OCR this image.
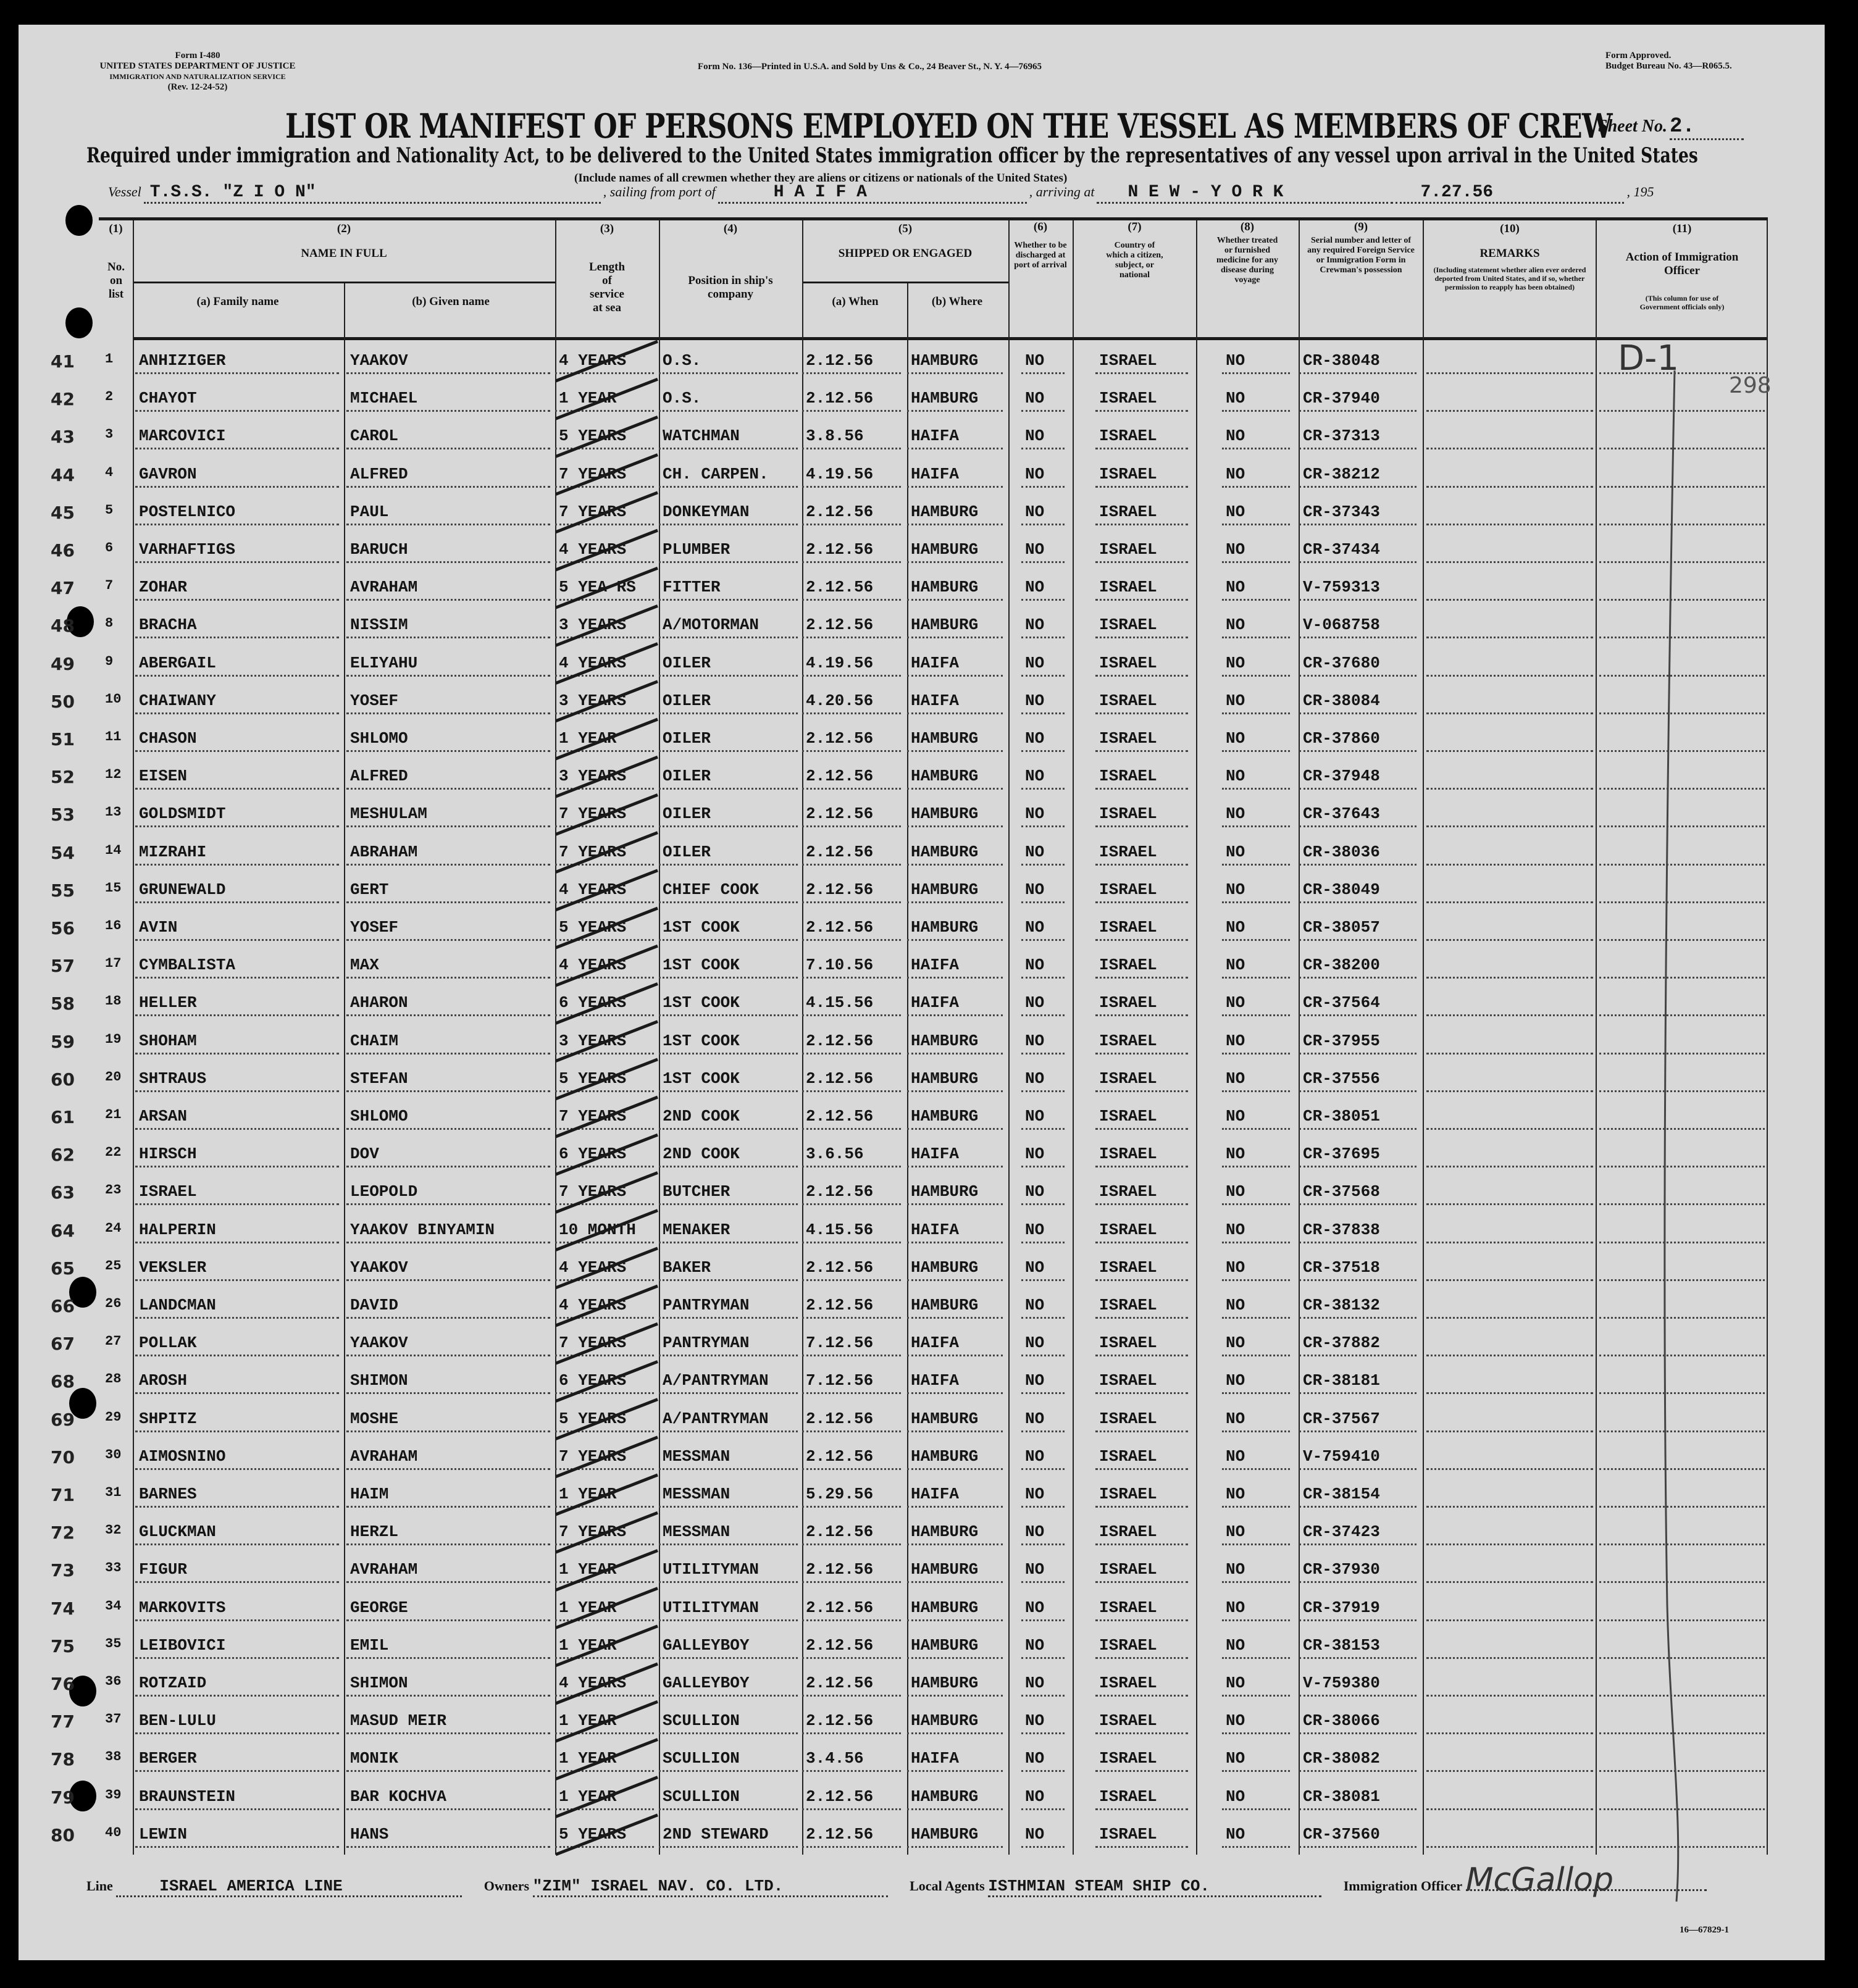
Form I-480
UNITED STATES DEPARTMENT OF JUSTICE
IMMIGRATION AND NATURALIZATION SERVICE
(Rev. 12-24-52)
Form No. 136—Printed in U.S.A. and Sold by Uns & Co., 24 Beaver St., N. Y. 4—76965
Form Approved.
Budget Bureau No. 43—R065.5.
LIST OR MANIFEST OF PERSONS EMPLOYED ON THE VESSEL AS MEMBERS OF CREW
Sheet No. 2.
Required under immigration and Nationality Act, to be delivered to the United States immigration officer by the representatives of any vessel upon arrival in the United States
(Include names of all crewmen whether they are aliens or citizens or nationals of the United States)
Vessel T.S.S. "Z I O N"	, sailing from port of	H A I F A	, arriving at N E W - Y O R K	7.27.56	, 195
(1)
No. on list
(2)
NAME IN FULL
(a) Family name	(b) Given name
(3)
Length of service at sea
(4)
Position in ship's company
(5)
SHIPPED OR ENGAGED
(a) When	(b) Where
(6)
Whether to be discharged at port of arrival
(7)
Country of which a citizen, subject, or national
(8)
Whether treated or furnished medicine for any disease during voyage
(9)
Serial number and letter of any required Foreign Service or Immigration Form in Crewman's possession
(10)
REMARKS
(Including statement whether alien ever ordered deported from United States, and if so, whether permission to reapply has been obtained)
(11)
Action of Immigration Officer
(This column for use of Government officials only)
41 1 ANHIZIGER	YAAKOV	4 YEARS O.S.	2.12.56 HAMBURG	NO	ISRAEL	NO	CR-38048
42 2 CHAYOT	MICHAEL	1 YEAR	O.S.	2.12.56 HAMBURG	NO	ISRAEL	NO	CR-37940
43 3 MARCOVICI	CAROL	5 YEARS WATCHMAN	3.8.56	HAIFA	NO	ISRAEL	NO	CR-37313
44 4 GAVRON	ALFRED	7 YEARS CH. CARPEN. 4.19.56 HAIFA	NO	ISRAEL	NO	CR-38212
45 5 POSTELNICO	PAUL	7 YEARS DONKEYMAN	2.12.56 HAMBURG	NO	ISRAEL	NO	CR-37343
46 6 VARHAFTIGS	BARUCH	4 YEARS PLUMBER	2.12.56 HAMBURG	NO	ISRAEL	NO	CR-37434
47 7 ZOHAR	AVRAHAM	5 YEA RS FITTER	2.12.56 HAMBURG	NO	ISRAEL	NO	V-759313
48 8 BRACHA	NISSIM	3 YEARS A/MOTORMAN	2.12.56 HAMBURG	NO	ISRAEL	NO	V-068758
49 9 ABERGAIL	ELIYAHU	4 YEARS OILER	4.19.56 HAIFA	NO	ISRAEL	NO	CR-37680
50 10 CHAIWANY	YOSEF	3 YEARS OILER	4.20.56 HAIFA	NO	ISRAEL	NO	CR-38084
51 11 CHASON	SHLOMO	1 YEAR	OILER	2.12.56 HAMBURG	NO	ISRAEL	NO	CR-37860
52 12 EISEN	ALFRED	3 YEARS OILER	2.12.56 HAMBURG	NO	ISRAEL	NO	CR-37948
53 13 GOLDSMIDT	MESHULAM	7 YEARS OILER	2.12.56 HAMBURG	NO	ISRAEL	NO	CR-37643
54 14 MIZRAHI	ABRAHAM	7 YEARS OILER	2.12.56 HAMBURG	NO	ISRAEL	NO	CR-38036
55 15 GRUNEWALD	GERT	4 YEARS CHIEF COOK	2.12.56 HAMBURG	NO	ISRAEL	NO	CR-38049
56 16 AVIN	YOSEF	5 YEARS 1ST COOK	2.12.56 HAMBURG	NO	ISRAEL	NO	CR-38057
57 17 CYMBALISTA	MAX	4 YEARS 1ST COOK	7.10.56 HAIFA	NO	ISRAEL	NO	CR-38200
58 18 HELLER	AHARON	6 YEARS 1ST COOK	4.15.56 HAIFA	NO	ISRAEL	NO	CR-37564
59 19 SHOHAM	CHAIM	3 YEARS 1ST COOK	2.12.56 HAMBURG	NO	ISRAEL	NO	CR-37955
60 20 SHTRAUS	STEFAN	5 YEARS 1ST COOK	2.12.56 HAMBURG	NO	ISRAEL	NO	CR-37556
61 21 ARSAN	SHLOMO	7 YEARS 2ND COOK	2.12.56 HAMBURG	NO	ISRAEL	NO	CR-38051
62 22 HIRSCH	DOV	6 YEARS 2ND COOK	3.6.56	HAIFA	NO	ISRAEL	NO	CR-37695
63 23 ISRAEL	LEOPOLD	7 YEARS BUTCHER	2.12.56 HAMBURG	NO	ISRAEL	NO	CR-37568
64 24 HALPERIN	YAAKOV BINYAMIN	10 MONTH MENAKER	4.15.56 HAIFA	NO	ISRAEL	NO	CR-37838
65 25 VEKSLER	YAAKOV	4 YEARS BAKER	2.12.56 HAMBURG	NO	ISRAEL	NO	CR-37518
66 26 LANDCMAN	DAVID	4 YEARS PANTRYMAN	2.12.56 HAMBURG	NO	ISRAEL	NO	CR-38132
67 27 POLLAK	YAAKOV	7 YEARS PANTRYMAN	7.12.56 HAIFA	NO	ISRAEL	NO	CR-37882
68 28 AROSH	SHIMON	6 YEARS A/PANTRYMAN 7.12.56 HAIFA	NO	ISRAEL	NO	CR-38181
69 29 SHPITZ	MOSHE	5 YEARS A/PANTRYMAN 2.12.56 HAMBURG	NO	ISRAEL	NO	CR-37567
70 30 AIMOSNINO	AVRAHAM	7 YEARS MESSMAN	2.12.56 HAMBURG	NO	ISRAEL	NO	V-759410
71 31 BARNES	HAIM	1 YEAR	MESSMAN	5.29.56 HAIFA	NO	ISRAEL	NO	CR-38154
72 32 GLUCKMAN	HERZL	7 YEARS MESSMAN	2.12.56 HAMBURG	NO	ISRAEL	NO	CR-37423
73 33 FIGUR	AVRAHAM	1 YEAR	UTILITYMAN	2.12.56 HAMBURG	NO	ISRAEL	NO	CR-37930
74 34 MARKOVITS	GEORGE	1 YEAR	UTILITYMAN	2.12.56 HAMBURG	NO	ISRAEL	NO	CR-37919
75 35 LEIBOVICI	EMIL	1 YEAR	GALLEYBOY	2.12.56 HAMBURG	NO	ISRAEL	NO	CR-38153
76 36 ROTZAID	SHIMON	4 YEARS GALLEYBOY	2.12.56 HAMBURG	NO	ISRAEL	NO	V-759380
77 37 BEN-LULU	MASUD MEIR	1 YEAR	SCULLION	2.12.56 HAMBURG	NO	ISRAEL	NO	CR-38066
78 38 BERGER	MONIK	1 YEAR	SCULLION	3.4.56	HAIFA	NO	ISRAEL	NO	CR-38082
79 39 BRAUNSTEIN	BAR KOCHVA	1 YEAR	SCULLION	2.12.56 HAMBURG	NO	ISRAEL	NO	CR-38081
80 40 LEWIN	HANS	5 YEARS 2ND STEWARD 2.12.56 HAMBURG	NO	ISRAEL	NO	CR-37560
D-1
298
Line	ISRAEL AMERICA LINE	Owners "ZIM" ISRAEL NAV. CO. LTD.	Local Agents ISTHMIAN STEAM SHIP CO.	Immigration Officer McGallop
16—67829-1
